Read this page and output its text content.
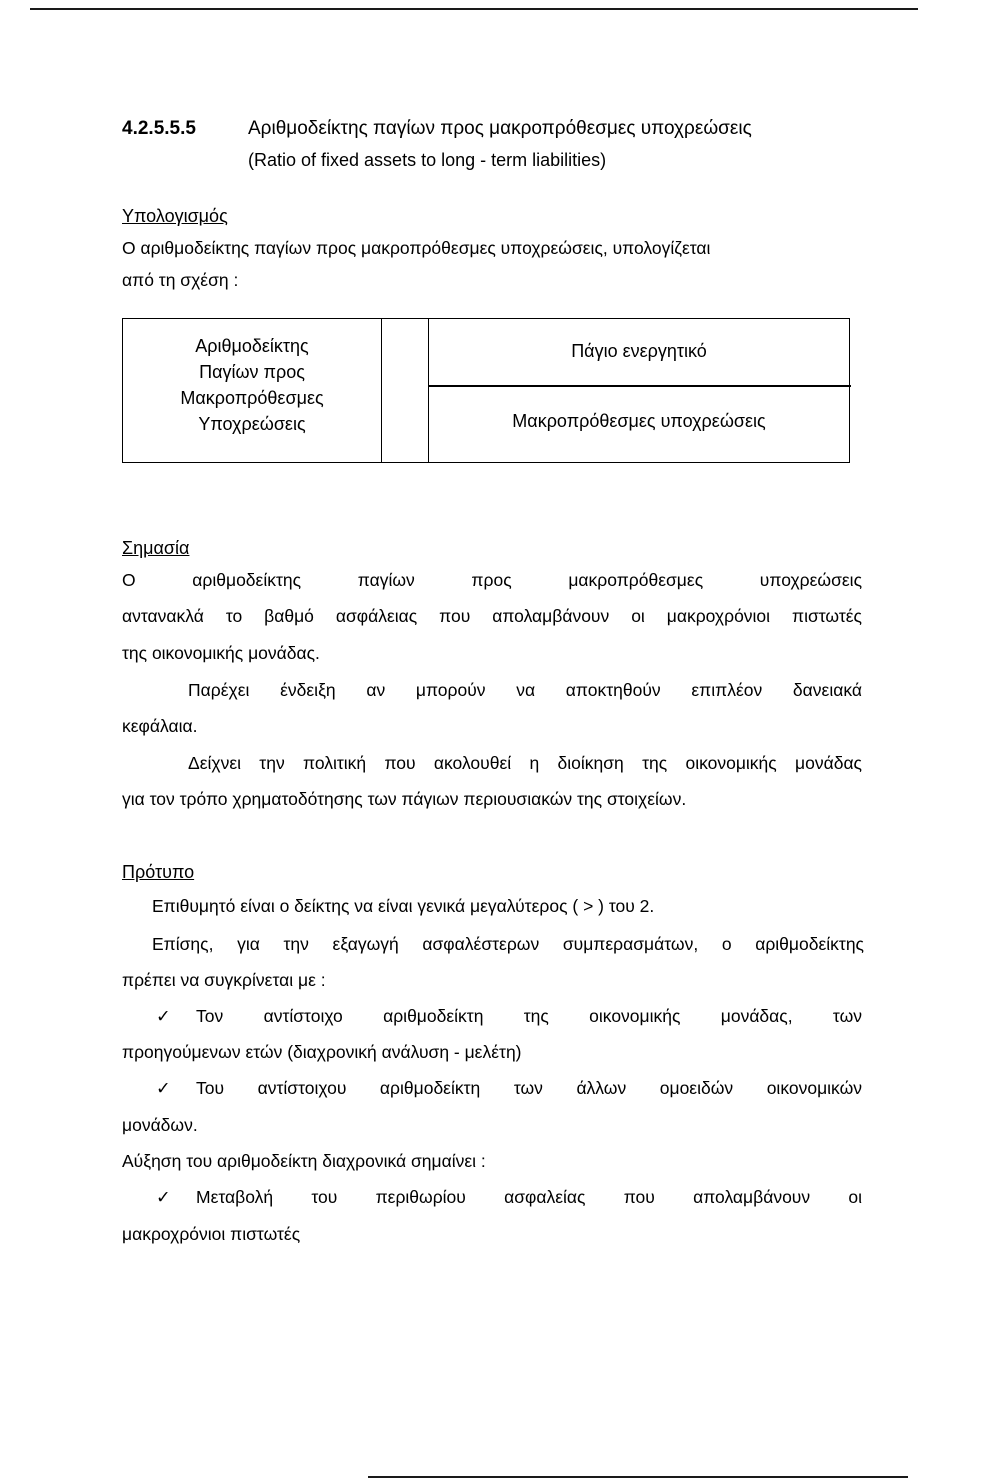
4.2.5.5.5	Αριθμοδείκτης παγίων προς μακροπρόθεσμες υποχρεώσεις
(Ratio of fixed assets to long - term liabilities)
Υπολογισμός
Ο αριθμοδείκτης παγίων προς μακροπρόθεσμες υποχρεώσεις, υπολογίζεται
από τη σχέση :
Αριθμοδείκτης
Παγίων προς
Μακροπρόθεσμες
Υποχρεώσεις
Πάγιο ενεργητικό
Μακροπρόθεσμες υποχρεώσεις
Σημασία
Ο αριθμοδείκτης παγίων προς μακροπρόθεσμες υποχρεώσεις
αντανακλά το βαθμό ασφάλειας που απολαμβάνουν οι μακροχρόνιοι πιστωτές
της οικονομικής μονάδας.
Παρέχει ένδειξη αν μπορούν να αποκτηθούν επιπλέον δανειακά
κεφάλαια.
Δείχνει την πολιτική που ακολουθεί η διοίκηση της οικονομικής μονάδας
για τον τρόπο χρηματοδότησης των πάγιων περιουσιακών της στοιχείων.
Πρότυπο
Επιθυμητό είναι ο δείκτης να είναι γενικά μεγαλύτερος ( > ) του 2.
Επίσης, για την εξαγωγή ασφαλέστερων συμπερασμάτων, ο αριθμοδείκτης
πρέπει να συγκρίνεται με :
✓ Τον αντίστοιχο αριθμοδείκτη της οικονομικής μονάδας, των
προηγούμενων ετών (διαχρονική ανάλυση - μελέτη)
✓ Του αντίστοιχου αριθμοδείκτη των άλλων ομοειδών οικονομικών
μονάδων.
Αύξηση του αριθμοδείκτη διαχρονικά σημαίνει :
✓ Μεταβολή του περιθωρίου ασφαλείας που απολαμβάνουν οι
μακροχρόνιοι πιστωτές
